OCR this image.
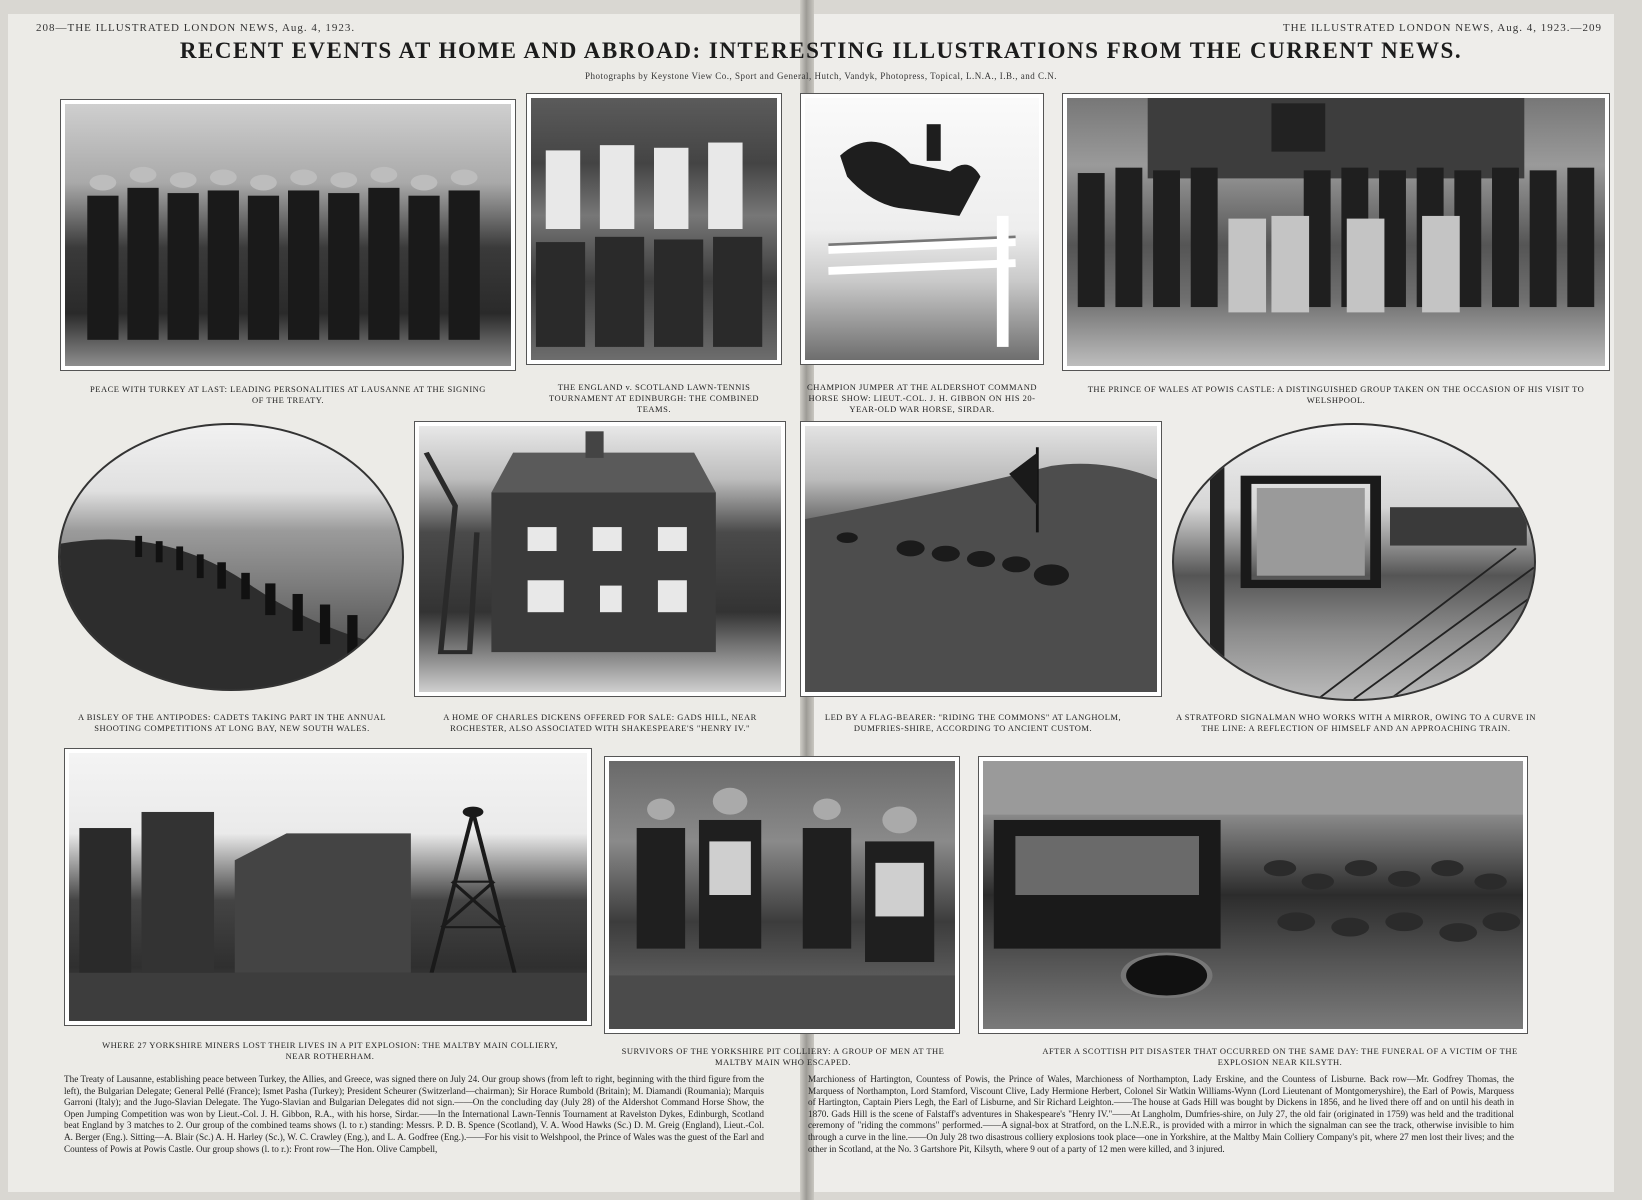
208—THE ILLUSTRATED LONDON NEWS, Aug. 4, 1923.	THE ILLUSTRATED LONDON NEWS, Aug. 4, 1923.—209
RECENT EVENTS AT HOME AND ABROAD: INTERESTING ILLUSTRATIONS FROM THE CURRENT NEWS.
Photographs by Keystone View Co., Sport and General, Hutch, Vandyk, Photopress, Topical, L.N.A., I.B., and C.N.
PEACE WITH TURKEY AT LAST: LEADING PERSONALITIES AT LAUSANNE AT THE SIGNING OF THE TREATY.
THE ENGLAND v. SCOTLAND LAWN-TENNIS TOURNAMENT AT EDINBURGH: THE COMBINED TEAMS.
CHAMPION JUMPER AT THE ALDERSHOT COMMAND HORSE SHOW: LIEUT.-COL. J. H. GIBBON ON HIS 20-YEAR-OLD WAR HORSE, SIRDAR.
THE PRINCE OF WALES AT POWIS CASTLE: A DISTINGUISHED GROUP TAKEN ON THE OCCASION OF HIS VISIT TO WELSHPOOL.
A BISLEY OF THE ANTIPODES: CADETS TAKING PART IN THE ANNUAL SHOOTING COMPETITIONS AT LONG BAY, NEW SOUTH WALES.
A HOME OF CHARLES DICKENS OFFERED FOR SALE: GADS HILL, NEAR ROCHESTER, ALSO ASSOCIATED WITH SHAKESPEARE'S "HENRY IV."
LED BY A FLAG-BEARER: "RIDING THE COMMONS" AT LANGHOLM, DUMFRIES-SHIRE, ACCORDING TO ANCIENT CUSTOM.
A STRATFORD SIGNALMAN WHO WORKS WITH A MIRROR, OWING TO A CURVE IN THE LINE: A REFLECTION OF HIMSELF AND AN APPROACHING TRAIN.
WHERE 27 YORKSHIRE MINERS LOST THEIR LIVES IN A PIT EXPLOSION: THE MALTBY MAIN COLLIERY, NEAR ROTHERHAM.	SURVIVORS OF THE YORKSHIRE PIT COLLIERY: A GROUP OF MEN AT THE MALTBY MAIN WHO ESCAPED.
AFTER A SCOTTISH PIT DISASTER THAT OCCURRED ON THE SAME DAY: THE FUNERAL OF A VICTIM OF THE EXPLOSION NEAR KILSYTH.
The Treaty of Lausanne, establishing peace between Turkey, the Allies, and Greece, was signed there on July 24. Our group shows (from left to right, beginning with the third figure from the left), the Bulgarian Delegate; General Pellé (France); Ismet Pasha (Turkey); President Scheurer (Switzerland—chairman); Sir Horace Rumbold (Britain); M. Diamandi (Roumania); Marquis Garroni (Italy); and the Jugo-Slavian Delegate. The Yugo-Slavian and Bulgarian Delegates did not sign.——On the concluding day (July 28) of the Aldershot Command Horse Show, the Open Jumping Competition was won by Lieut.-Col. J. H. Gibbon, R.A., with his horse, Sirdar.——In the International Lawn-Tennis Tournament at Ravelston Dykes, Edinburgh, Scotland beat England by 3 matches to 2. Our group of the combined teams shows (l. to r.) standing: Messrs. P. D. B. Spence (Scotland), V. A. Wood Hawks (Sc.) D. M. Greig (England), Lieut.-Col. A. Berger (Eng.). Sitting—A. Blair (Sc.) A. H. Harley (Sc.), W. C. Crawley (Eng.), and L. A. Godfree (Eng.).——For his visit to Welshpool, the Prince of Wales was the guest of the Earl and Countess of Powis at Powis Castle. Our group shows (l. to r.): Front row—The Hon. Olive Campbell,
Marchioness of Hartington, Countess of Powis, the Prince of Wales, Marchioness of Northampton, Lady Erskine, and the Countess of Lisburne. Back row—Mr. Godfrey Thomas, the Marquess of Northampton, Lord Stamford, Viscount Clive, Lady Hermione Herbert, Colonel Sir Watkin Williams-Wynn (Lord Lieutenant of Montgomeryshire), the Earl of Powis, Marquess of Hartington, Captain Piers Legh, the Earl of Lisburne, and Sir Richard Leighton.——The house at Gads Hill was bought by Dickens in 1856, and he lived there off and on until his death in 1870. Gads Hill is the scene of Falstaff's adventures in Shakespeare's "Henry IV."——At Langholm, Dumfries-shire, on July 27, the old fair (originated in 1759) was held and the traditional ceremony of "riding the commons" performed.——A signal-box at Stratford, on the L.N.E.R., is provided with a mirror in which the signalman can see the track, otherwise invisible to him through a curve in the line.——On July 28 two disastrous colliery explosions took place—one in Yorkshire, at the Maltby Main Colliery Company's pit, where 27 men lost their lives; and the other in Scotland, at the No. 3 Gartshore Pit, Kilsyth, where 9 out of a party of 12 men were killed, and 3 injured.
